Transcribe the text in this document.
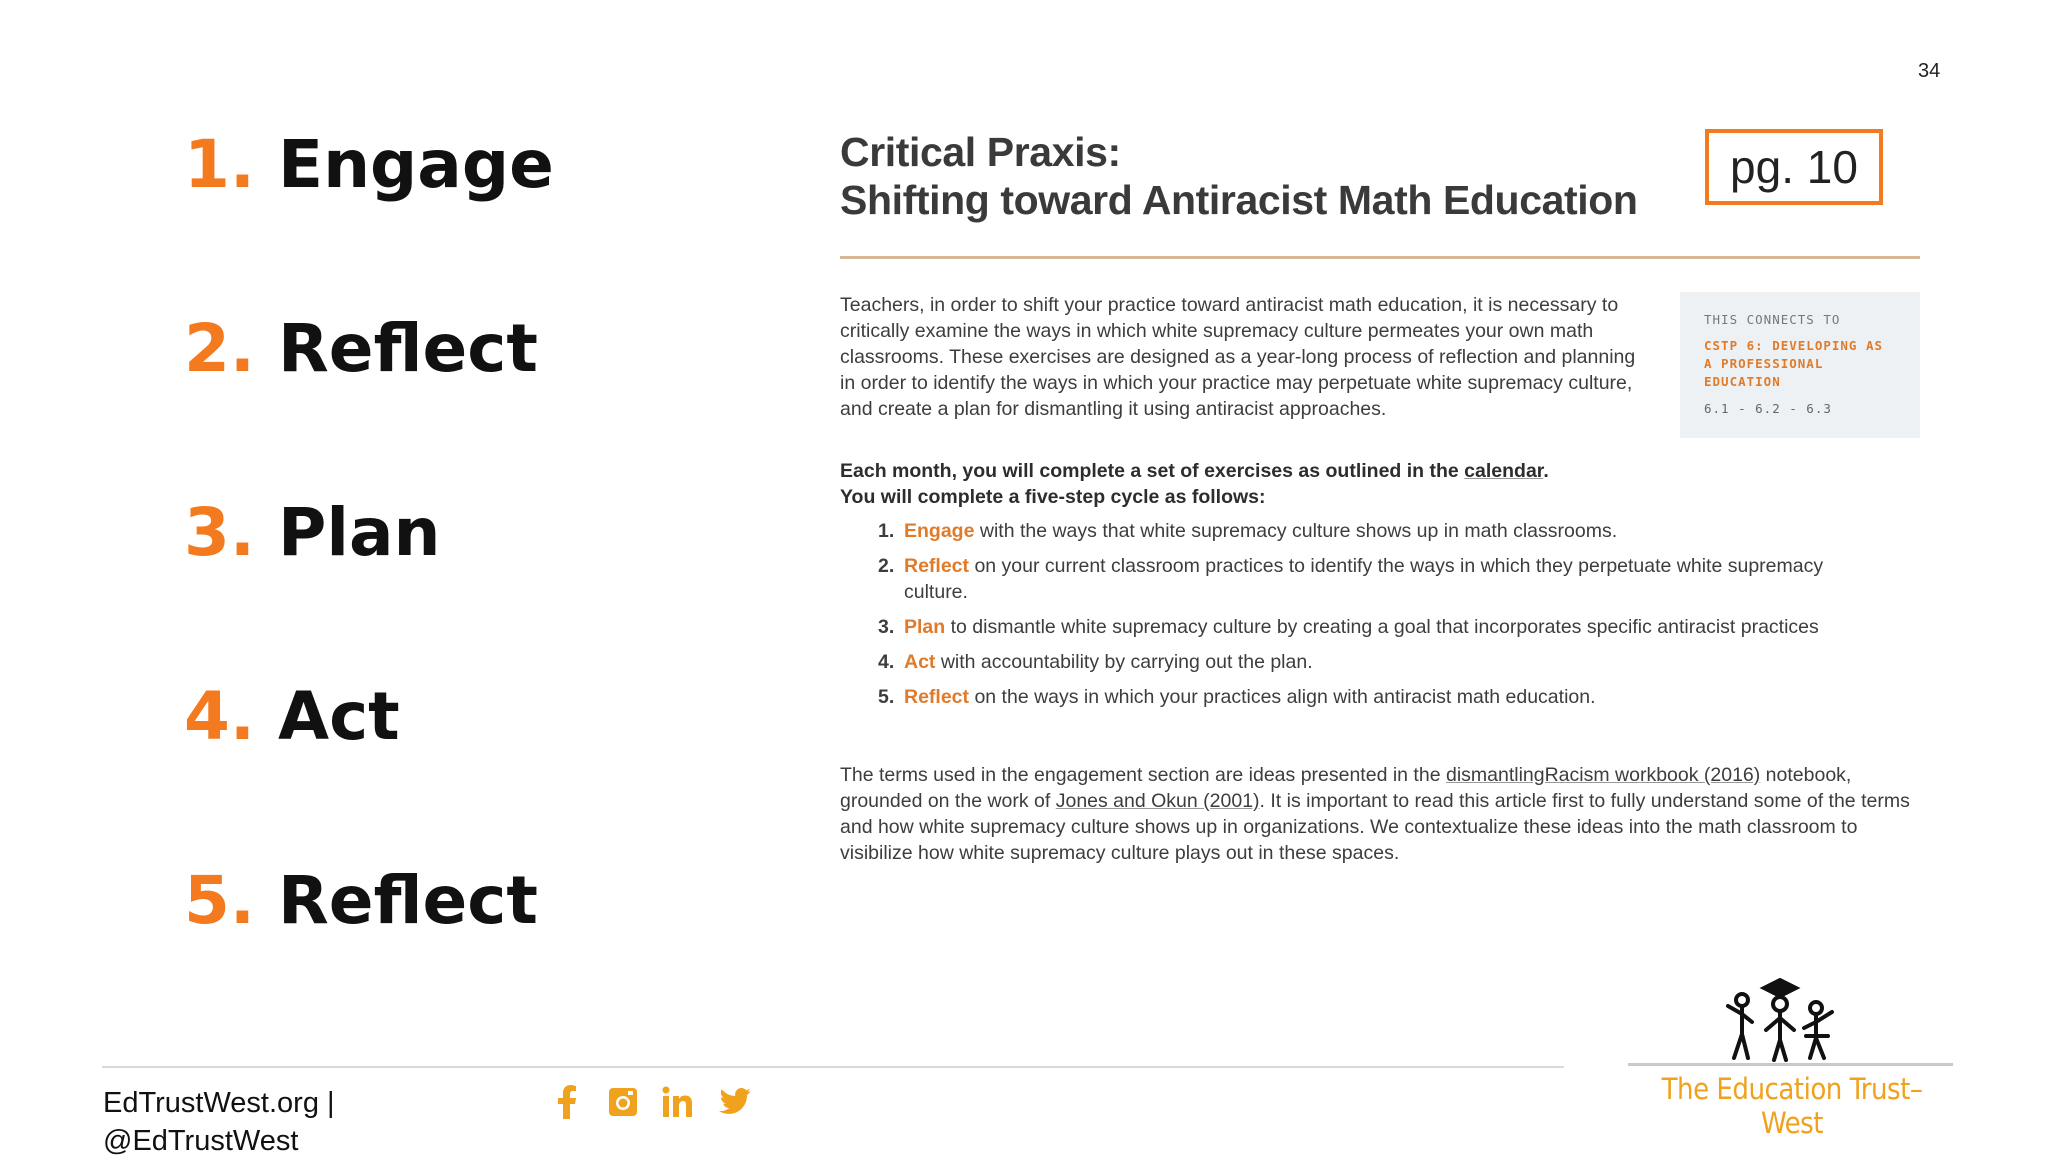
34
1. Engage
2. Reflect
3. Plan
4. Act
5. Reflect
Critical Praxis:
Shifting toward Antiracist Math Education
pg. 10

Teachers, in order to shift your practice toward antiracist math education, it is necessary to critically examine the ways in which white supremacy culture permeates your own math classrooms. These exercises are designed as a year-long process of reflection and planning in order to identify the ways in which your practice may perpetuate white supremacy culture, and create a plan for dismantling it using antiracist approaches.

THIS CONNECTS TO
CSTP 6: DEVELOPING AS A PROFESSIONAL EDUCATION
6.1 - 6.2 - 6.3

Each month, you will complete a set of exercises as outlined in the calendar.
You will complete a five-step cycle as follows:

1. Engage with the ways that white supremacy culture shows up in math classrooms.
2. Reflect on your current classroom practices to identify the ways in which they perpetuate white supremacy culture.
3. Plan to dismantle white supremacy culture by creating a goal that incorporates specific antiracist practices
4. Act with accountability by carrying out the plan.
5. Reflect on the ways in which your practices align with antiracist math education.

The terms used in the engagement section are ideas presented in the dismantlingRacism workbook (2016) notebook, grounded on the work of Jones and Okun (2001). It is important to read this article first to fully understand some of the terms and how white supremacy culture shows up in organizations. We contextualize these ideas into the math classroom to visibilize how white supremacy culture plays out in these spaces.

EdTrustWest.org |
@EdTrustWest
The Education Trust–West
